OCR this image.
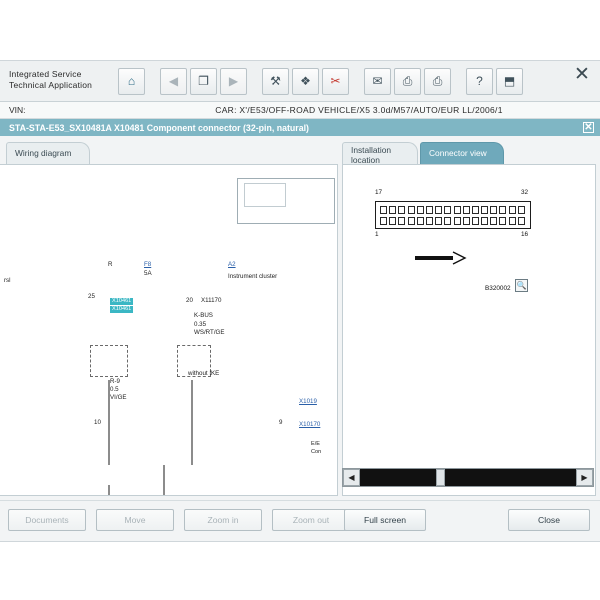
Integrated Service
Technical Application	⌂	◀ ❐ ▶	⚒ ❖ ✂	✉ ⎙ ⎙	? ⬒	✕
VIN:	CAR: X'/E53/OFF-ROAD VEHICLE/X5 3.0d/M57/AUTO/EUR LL/2006/1
STA-STA-E53_SX10481A X10481 Component connector (32-pin, natural)	✕
Wiring diagram
rsl
R	F8
5A
25
A2
Instrument cluster
20 X11170
K-BUS
0.35
WS/RT/GE
R-9
0.5
VI/GE
without IKE
X1019
X10170
10	9
E/E
Con
X10461
X10461
Installation
location
Connector view
17	32
1	16
B320002 🔍
◀	▶
Documents	Move	Zoom in	Zoom out	Full screen	Close
